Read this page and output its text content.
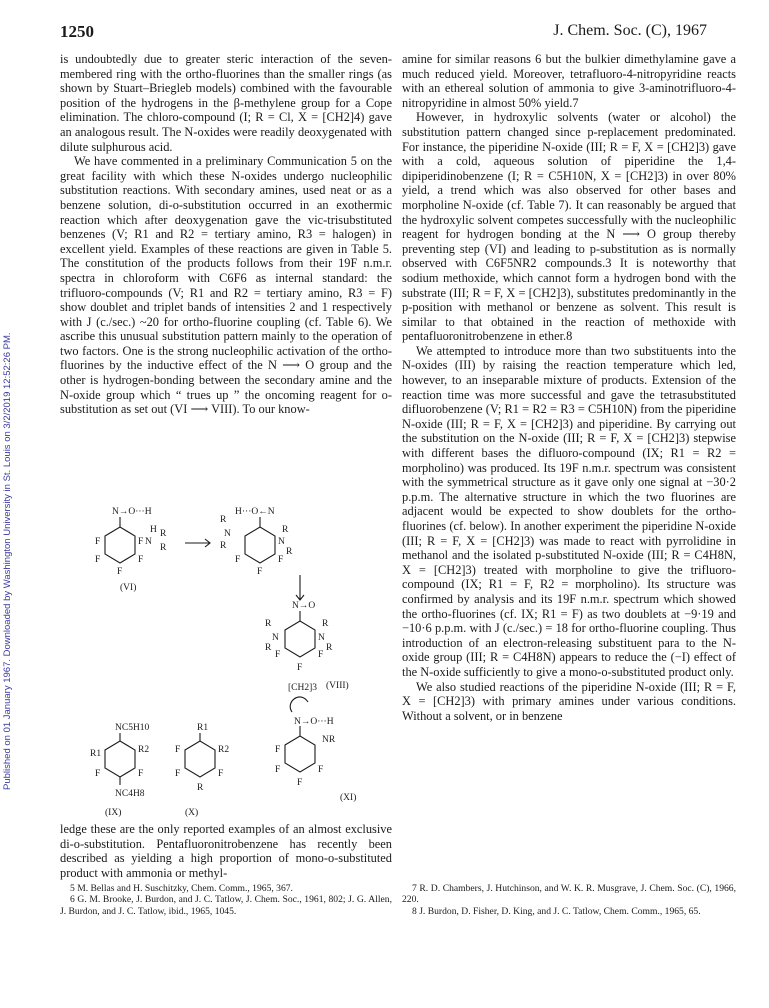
Published on 01 January 1967. Downloaded by Washington University in St. Louis on 3/2/2019 12:52:26 PM.
1250	J. Chem. Soc. (C), 1967

is undoubtedly due to greater steric interaction of the seven-membered ring with the ortho-fluorines than the smaller rings (as shown by Stuart–Briegleb models) combined with the favourable position of the hydrogens in the β-methylene group for a Cope elimination. The chloro-compound (I; R = Cl, X = [CH2]4) gave an analogous result. The N-oxides were readily deoxygenated with dilute sulphurous acid.

We have commented in a preliminary Communication 5 on the great facility with which these N-oxides undergo nucleophilic substitution reactions. With secondary amines, used neat or as a benzene solution, di-o-substitution occurred in an exothermic reaction which after deoxygenation gave the vic-trisubstituted benzenes (V; R1 and R2 = tertiary amino, R3 = halogen) in excellent yield. Examples of these reactions are given in Table 5. The constitution of the products follows from their 19F n.m.r. spectra in chloroform with C6F6 as internal standard: the trifluoro-compounds (V; R1 and R2 = tertiary amino, R3 = F) show doublet and triplet bands of intensities 2 and 1 respectively with J (c./sec.) ~20 for ortho-fluorine coupling (cf. Table 6). We ascribe this unusual substitution pattern mainly to the operation of two factors. One is the strong nucleophilic activation of the ortho-fluorines by the inductive effect of the N ⟶ O group and the other is hydrogen-bonding between the secondary amine and the N-oxide group which “ trues up ” the oncoming reagent for o-substitution as set out (VI ⟶ VIII). To our know-

N→O···H
H
N
R
R
F	F
F	F
F
(VI)
R
H···O←N
N
R
R
N
R
F	F
F
N→O
R
N
R
R
N
R
F	F
F
(VIII)
NC5H10
R1	R2
F	F
NC4H8
(IX)
R1
F	R2
F	F
R
(X)
[CH2]3
N→O···H
NR
F
F	F
F
(XI)

ledge these are the only reported examples of an almost exclusive di-o-substitution. Pentafluoronitrobenzene has recently been described as yielding a high proportion of mono-o-substituted product with ammonia or methyl-

amine for similar reasons 6 but the bulkier dimethylamine gave a much reduced yield. Moreover, tetrafluoro-4-nitropyridine reacts with an ethereal solution of ammonia to give 3-aminotrifluoro-4-nitropyridine in almost 50% yield.7

However, in hydroxylic solvents (water or alcohol) the substitution pattern changed since p-replacement predominated. For instance, the piperidine N-oxide (III; R = F, X = [CH2]3) gave with a cold, aqueous solution of piperidine the 1,4-dipiperidinobenzene (I; R = C5H10N, X = [CH2]3) in over 80% yield, a trend which was also observed for other bases and morpholine N-oxide (cf. Table 7). It can reasonably be argued that the hydroxylic solvent competes successfully with the nucleophilic reagent for hydrogen bonding at the N ⟶ O group thereby preventing step (VI) and leading to p-substitution as is normally observed with C6F5NR2 compounds.3 It is noteworthy that sodium methoxide, which cannot form a hydrogen bond with the substrate (III; R = F, X = [CH2]3), substitutes predominantly in the p-position with methanol or benzene as solvent. This result is similar to that obtained in the reaction of methoxide with pentafluoronitrobenzene in ether.8

We attempted to introduce more than two substituents into the N-oxides (III) by raising the reaction temperature which led, however, to an inseparable mixture of products. Extension of the reaction time was more successful and gave the tetrasubstituted difluorobenzene (V; R1 = R2 = R3 = C5H10N) from the piperidine N-oxide (III; R = F, X = [CH2]3) and piperidine. By carrying out the substitution on the N-oxide (III; R = F, X = [CH2]3) stepwise with different bases the difluoro-compound (IX; R1 = R2 = morpholino) was produced. Its 19F n.m.r. spectrum was consistent with the symmetrical structure as it gave only one signal at −30·2 p.p.m. The alternative structure in which the two fluorines are adjacent would be expected to show doublets for the ortho-fluorines (cf. below). In another experiment the piperidine N-oxide (III; R = F, X = [CH2]3) was made to react with pyrrolidine in methanol and the isolated p-substituted N-oxide (III; R = C4H8N, X = [CH2]3) treated with morpholine to give the trifluoro-compound (IX; R1 = F, R2 = morpholino). Its structure was confirmed by analysis and its 19F n.m.r. spectrum which showed the ortho-fluorines (cf. IX; R1 = F) as two doublets at −9·19 and −10·6 p.p.m. with J (c./sec.) = 18 for ortho-fluorine coupling. Thus introduction of an electron-releasing substituent para to the N-oxide group (III; R = C4H8N) appears to reduce the (−I) effect of the N-oxide sufficiently to give a mono-o-substituted product only.

We also studied reactions of the piperidine N-oxide (III; R = F, X = [CH2]3) with primary amines under various conditions. Without a solvent, or in benzene

5 M. Bellas and H. Suschitzky, Chem. Comm., 1965, 367.

6 G. M. Brooke, J. Burdon, and J. C. Tatlow, J. Chem. Soc., 1961, 802; J. G. Allen, J. Burdon, and J. C. Tatlow, ibid., 1965, 1045.

7 R. D. Chambers, J. Hutchinson, and W. K. R. Musgrave, J. Chem. Soc. (C), 1966, 220.

8 J. Burdon, D. Fisher, D. King, and J. C. Tatlow, Chem. Comm., 1965, 65.
